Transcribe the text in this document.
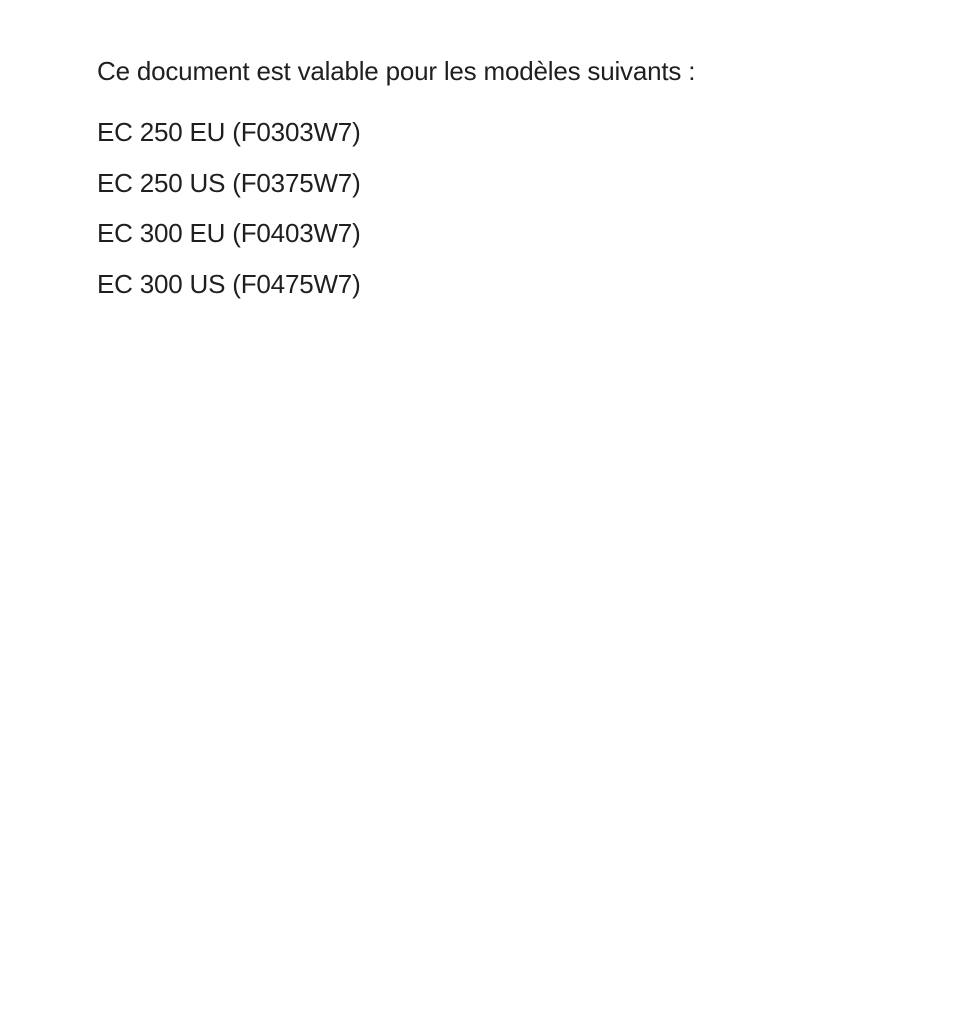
Ce document est valable pour les modèles suivants :

EC 250 EU (F0303W7)
EC 250 US (F0375W7)
EC 300 EU (F0403W7)
EC 300 US (F0475W7)
